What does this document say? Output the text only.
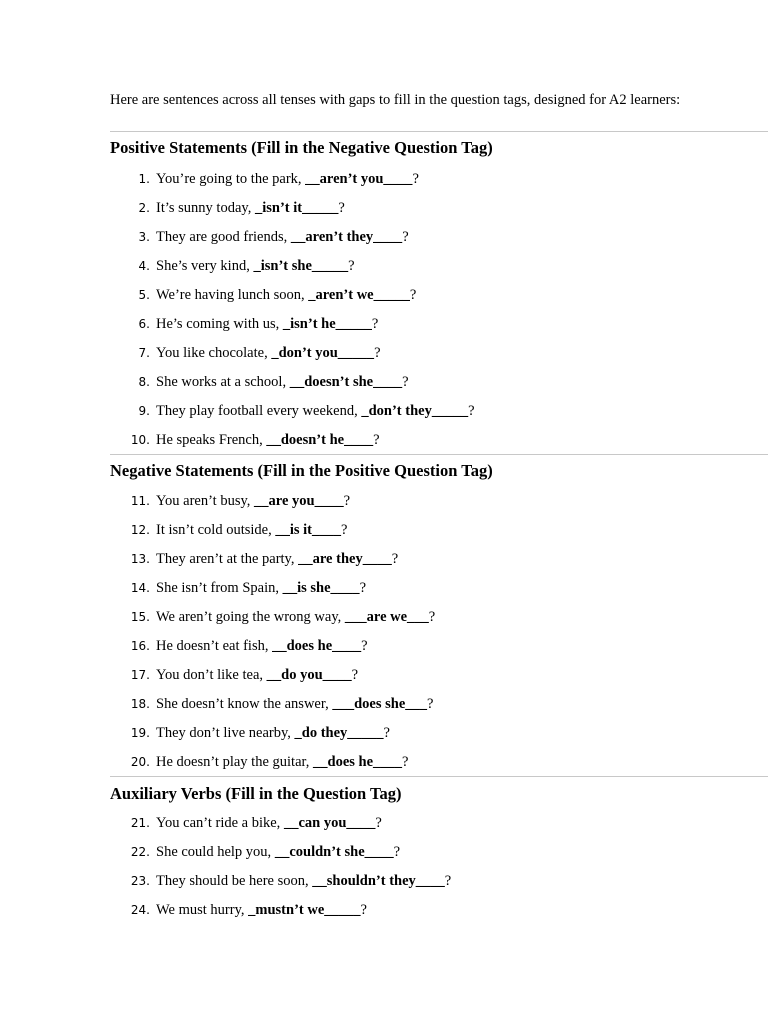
Here are sentences across all tenses with gaps to fill in the question tags, designed for A2 learners:
Positive Statements (Fill in the Negative Question Tag)
1. You’re going to the park, __aren’t you____?
2. It’s sunny today, _isn’t it_____?
3. They are good friends, __aren’t they____?
4. She’s very kind, _isn’t she_____?
5. We’re having lunch soon, _aren’t we_____?
6. He’s coming with us, _isn’t he_____?
7. You like chocolate, _don’t you_____?
8. She works at a school, __doesn’t she____?
9. They play football every weekend, _don’t they_____?
10. He speaks French, __doesn’t he____?
Negative Statements (Fill in the Positive Question Tag)
11. You aren’t busy, __are you____?
12. It isn’t cold outside, __is it____?
13. They aren’t at the party, __are they____?
14. She isn’t from Spain, __is she____?
15. We aren’t going the wrong way, ___are we___?
16. He doesn’t eat fish, __does he____?
17. You don’t like tea, __do you____?
18. She doesn’t know the answer, ___does she___?
19. They don’t live nearby, _do they_____?
20. He doesn’t play the guitar, __does he____?
Auxiliary Verbs (Fill in the Question Tag)
21. You can’t ride a bike, __can you____?
22. She could help you, __couldn’t she____?
23. They should be here soon, __shouldn’t they____?
24. We must hurry, _mustn’t we_____?
